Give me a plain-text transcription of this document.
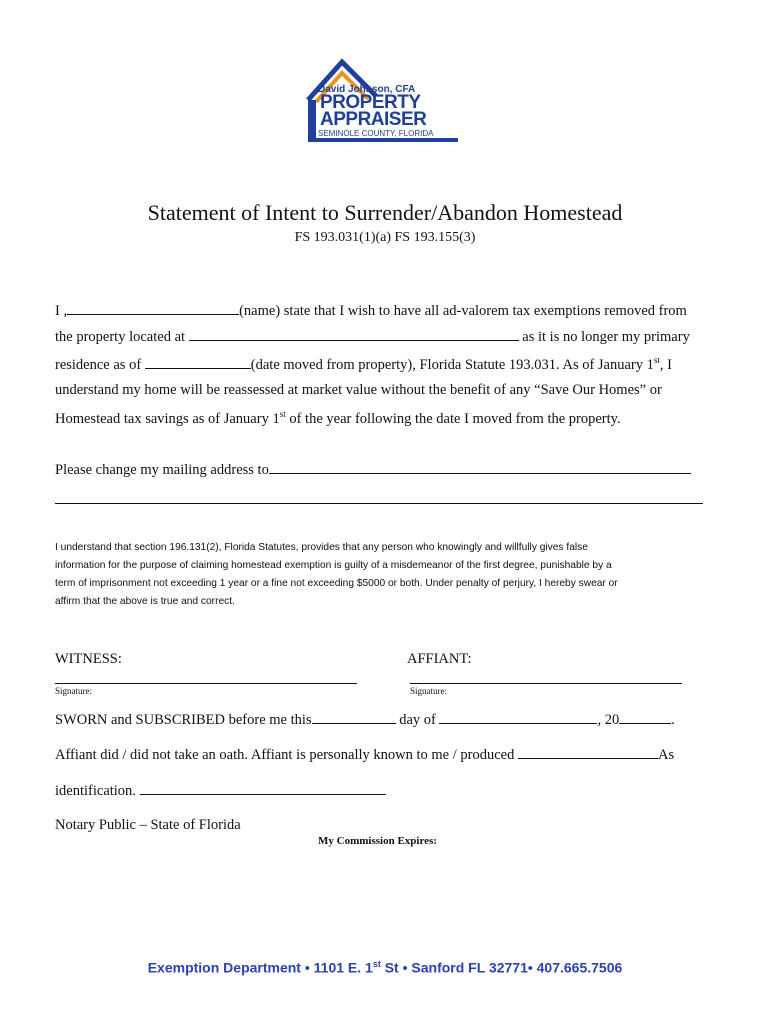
David Johnson, CFA
PROPERTY
APPRAISER
SEMINOLE COUNTY, FLORIDA
Statement of Intent to Surrender/Abandon Homestead
FS 193.031(1)(a) FS 193.155(3)
I ,	(name) state that I wish to have all ad-valorem tax exemptions removed from
the property located at	as it is no longer my primary
residence as of	(date moved from property), Florida Statute 193.031. As of January 1st, I
understand my home will be reassessed at market value without the benefit of any “Save Our Homes” or
Homestead tax savings as of January 1st of the year following the date I moved from the property.
Please change my mailing address to
I understand that section 196.131(2), Florida Statutes, provides that any person who knowingly and willfully gives false
information for the purpose of claiming homestead exemption is guilty of a misdemeanor of the first degree, punishable by a
term of imprisonment not exceeding 1 year or a fine not exceeding $5000 or both. Under penalty of perjury, I hereby swear or
affirm that the above is true and correct.
WITNESS:	AFFIANT:
Signature:	Signature:
SWORN and SUBSCRIBED before me this	day of	, 20	.
Affiant did / did not take an oath. Affiant is personally known to me / produced	As
identification.
Notary Public – State of Florida
My Commission Expires:
Exemption Department • 1101 E. 1st St • Sanford FL 32771• 407.665.7506
